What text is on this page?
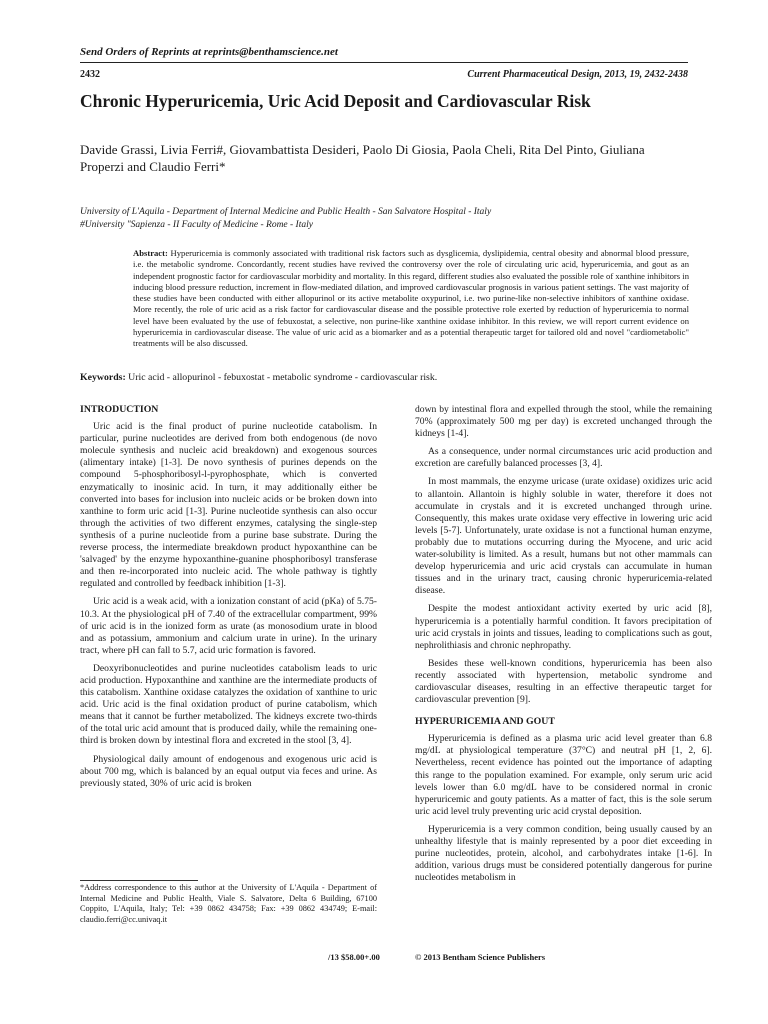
Send Orders of Reprints at reprints@benthamscience.net
2432	Current Pharmaceutical Design, 2013, 19, 2432-2438
Chronic Hyperuricemia, Uric Acid Deposit and Cardiovascular Risk
Davide Grassi, Livia Ferri#, Giovambattista Desideri, Paolo Di Giosia, Paola Cheli, Rita Del Pinto, Giuliana Properzi and Claudio Ferri*
University of L'Aquila - Department of Internal Medicine and Public Health - San Salvatore Hospital - Italy
#University "Sapienza - II Faculty of Medicine - Rome - Italy
Abstract: Hyperuricemia is commonly associated with traditional risk factors such as dysglicemia, dyslipidemia, central obesity and abnormal blood pressure, i.e. the metabolic syndrome. Concordantly, recent studies have revived the controversy over the role of circulating uric acid, hyperuricemia, and gout as an independent prognostic factor for cardiovascular morbidity and mortality. In this regard, different studies also evaluated the possible role of xanthine inhibitors in inducing blood pressure reduction, increment in flow-mediated dilation, and improved cardiovascular prognosis in various patient settings. The vast majority of these studies have been conducted with either allopurinol or its active metabolite oxypurinol, i.e. two purine-like non-selective inhibitors of xanthine oxidase. More recently, the role of uric acid as a risk factor for cardiovascular disease and the possible protective role exerted by reduction of hyperuricemia to normal level have been evaluated by the use of febuxostat, a selective, non purine-like xanthine oxidase inhibitor. In this review, we will report current evidence on hyperuricemia in cardiovascular disease. The value of uric acid as a biomarker and as a potential therapeutic target for tailored old and novel "cardiometabolic" treatments will be also discussed.
Keywords: Uric acid - allopurinol - febuxostat - metabolic syndrome - cardiovascular risk.
INTRODUCTION

Uric acid is the final product of purine nucleotide catabolism. In particular, purine nucleotides are derived from both endogenous (de novo molecule synthesis and nucleic acid breakdown) and exogenous sources (alimentary intake) [1-3]. De novo synthesis of purines depends on the compound 5-phosphoribosyl-l-pyrophosphate, which is converted enzymatically to inosinic acid. In turn, it may additionally either be converted into bases for inclusion into nucleic acids or be broken down into xanthine to form uric acid [1-3]. Purine nucleotide synthesis can also occur through the activities of two different enzymes, catalysing the single-step synthesis of a purine nucleotide from a purine base substrate. During the reverse process, the intermediate breakdown product hypoxanthine can be 'salvaged' by the enzyme hypoxanthine-guanine phosphoribosyl transferase and then re-incorporated into nucleic acid. The whole pathway is tightly regulated and controlled by feedback inhibition [1-3].

Uric acid is a weak acid, with a ionization constant of acid (pKa) of 5.75-10.3. At the physiological pH of 7.40 of the extracellular compartment, 99% of uric acid is in the ionized form as urate (as monosodium urate in blood and as potassium, ammonium and calcium urate in urine). In the urinary tract, where pH can fall to 5.7, acid uric formation is favored.

Deoxyribonucleotides and purine nucleotides catabolism leads to uric acid production. Hypoxanthine and xanthine are the intermediate products of this catabolism. Xanthine oxidase catalyzes the oxidation of xanthine to uric acid. Uric acid is the final oxidation product of purine catabolism, which means that it cannot be further metabolized. The kidneys excrete two-thirds of the total uric acid amount that is produced daily, while the remaining one-third is broken down by intestinal flora and excreted in the stool [3, 4].

Physiological daily amount of endogenous and exogenous uric acid is about 700 mg, which is balanced by an equal output via feces and urine. As previously stated, 30% of uric acid is broken

down by intestinal flora and expelled through the stool, while the remaining 70% (approximately 500 mg per day) is excreted unchanged through the kidneys [1-4].

As a consequence, under normal circumstances uric acid production and excretion are carefully balanced processes [3, 4].

In most mammals, the enzyme uricase (urate oxidase) oxidizes uric acid to allantoin. Allantoin is highly soluble in water, therefore it does not accumulate in crystals and it is excreted unchanged through urine. Consequently, this makes urate oxidase very effective in lowering uric acid levels [5-7]. Unfortunately, urate oxidase is not a functional human enzyme, probably due to mutations occurring during the Myocene, and uric acid water-solubility is limited. As a result, humans but not other mammals can develop hyperuricemia and uric acid crystals can accumulate in human tissues and in the urinary tract, causing chronic hyperuricemia-related disease.

Despite the modest antioxidant activity exerted by uric acid [8], hyperuricemia is a potentially harmful condition. It favors precipitation of uric acid crystals in joints and tissues, leading to complications such as gout, nephrolithiasis and chronic nephropathy.

Besides these well-known conditions, hyperuricemia has been also recently associated with hypertension, metabolic syndrome and cardiovascular diseases, resulting in an effective therapeutic target for cardiovascular prevention [9].

HYPERURICEMIA AND GOUT

Hyperuricemia is defined as a plasma uric acid level greater than 6.8 mg/dL at physiological temperature (37°C) and neutral pH [1, 2, 6]. Nevertheless, recent evidence has pointed out the importance of adapting this range to the population examined. For example, only serum uric acid levels lower than 6.0 mg/dL have to be considered normal in cronic hyperuricemic and gouty patients. As a matter of fact, this is the sole serum uric acid level truly preventing uric acid crystal deposition.

Hyperuricemia is a very common condition, being usually caused by an unhealthy lifestyle that is mainly represented by a poor diet exceeding in purine nucleotides, protein, alcohol, and carbohydrates intake [1-6]. In addition, various drugs must be considered potentially dangerous for purine nucleotides metabolism in

*Address correspondence to this author at the University of L'Aquila - Department of Internal Medicine and Public Health, Viale S. Salvatore, Delta 6 Building, 67100 Coppito, L'Aquila, Italy; Tel: +39 0862 434758; Fax: +39 0862 434749; E-mail: claudio.ferri@cc.univaq.it
/13 $58.00+.00	© 2013 Bentham Science Publishers
